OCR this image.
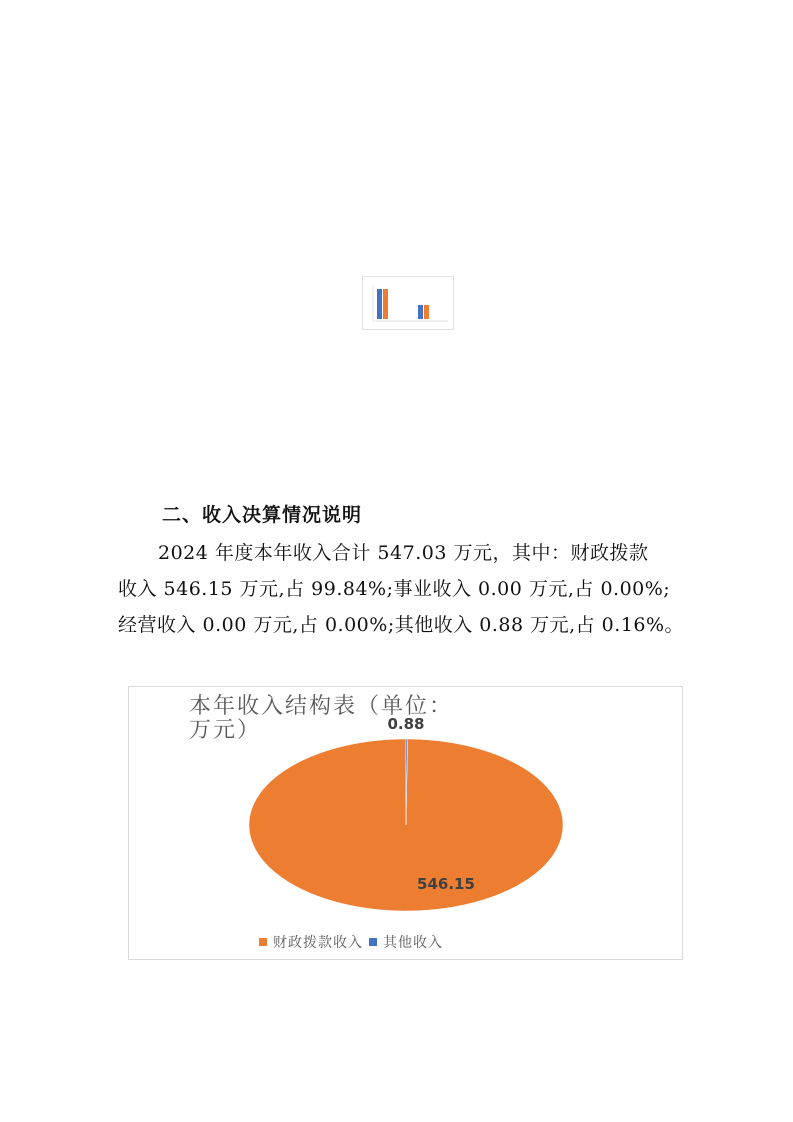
二、收入决算情况说明

2024 年度本年收入合计 547.03 万元，其中：财政拨款
收入 546.15 万元,占 99.84%;事业收入 0.00 万元,占 0.00%;
经营收入 0.00 万元,占 0.00%;其他收入 0.88 万元,占 0.16%。

本年收入结构表（单位：
万元）
546.15
0.88
财政拨款收入 其他收入
